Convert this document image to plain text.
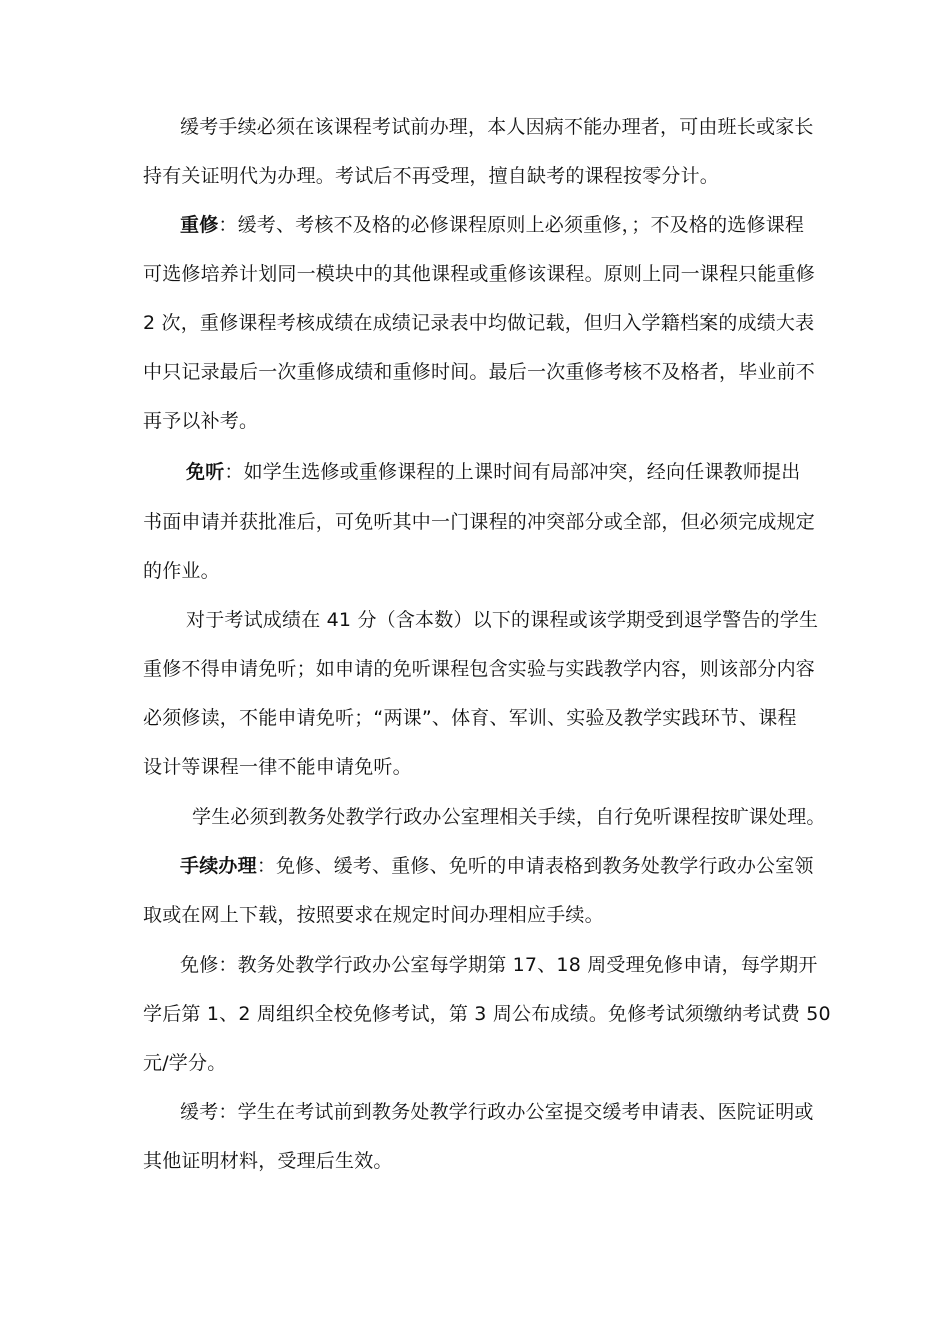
缓考手续必须在该课程考试前办理，本人因病不能办理者，可由班长或家长
持有关证明代为办理。考试后不再受理，擅自缺考的课程按零分计。
重修：缓考、考核不及格的必修课程原则上必须重修，；不及格的选修课程
可选修培养计划同一模块中的其他课程或重修该课程。原则上同一课程只能重修
2 次，重修课程考核成绩在成绩记录表中均做记载，但归入学籍档案的成绩大表
中只记录最后一次重修成绩和重修时间。最后一次重修考核不及格者，毕业前不
再予以补考。
免听：如学生选修或重修课程的上课时间有局部冲突，经向任课教师提出
书面申请并获批准后，可免听其中一门课程的冲突部分或全部，但必须完成规定
的作业。
对于考试成绩在 41 分（含本数）以下的课程或该学期受到退学警告的学生
重修不得申请免听；如申请的免听课程包含实验与实践教学内容，则该部分内容
必须修读，不能申请免听；“两课”、体育、军训、实验及教学实践环节、课程
设计等课程一律不能申请免听。
学生必须到教务处教学行政办公室理相关手续，自行免听课程按旷课处理。
手续办理：免修、缓考、重修、免听的申请表格到教务处教学行政办公室领
取或在网上下载，按照要求在规定时间办理相应手续。
免修：教务处教学行政办公室每学期第 17、18 周受理免修申请，每学期开
学后第 1、2 周组织全校免修考试，第 3 周公布成绩。免修考试须缴纳考试费 50
元/学分。
缓考：学生在考试前到教务处教学行政办公室提交缓考申请表、医院证明或
其他证明材料，受理后生效。
